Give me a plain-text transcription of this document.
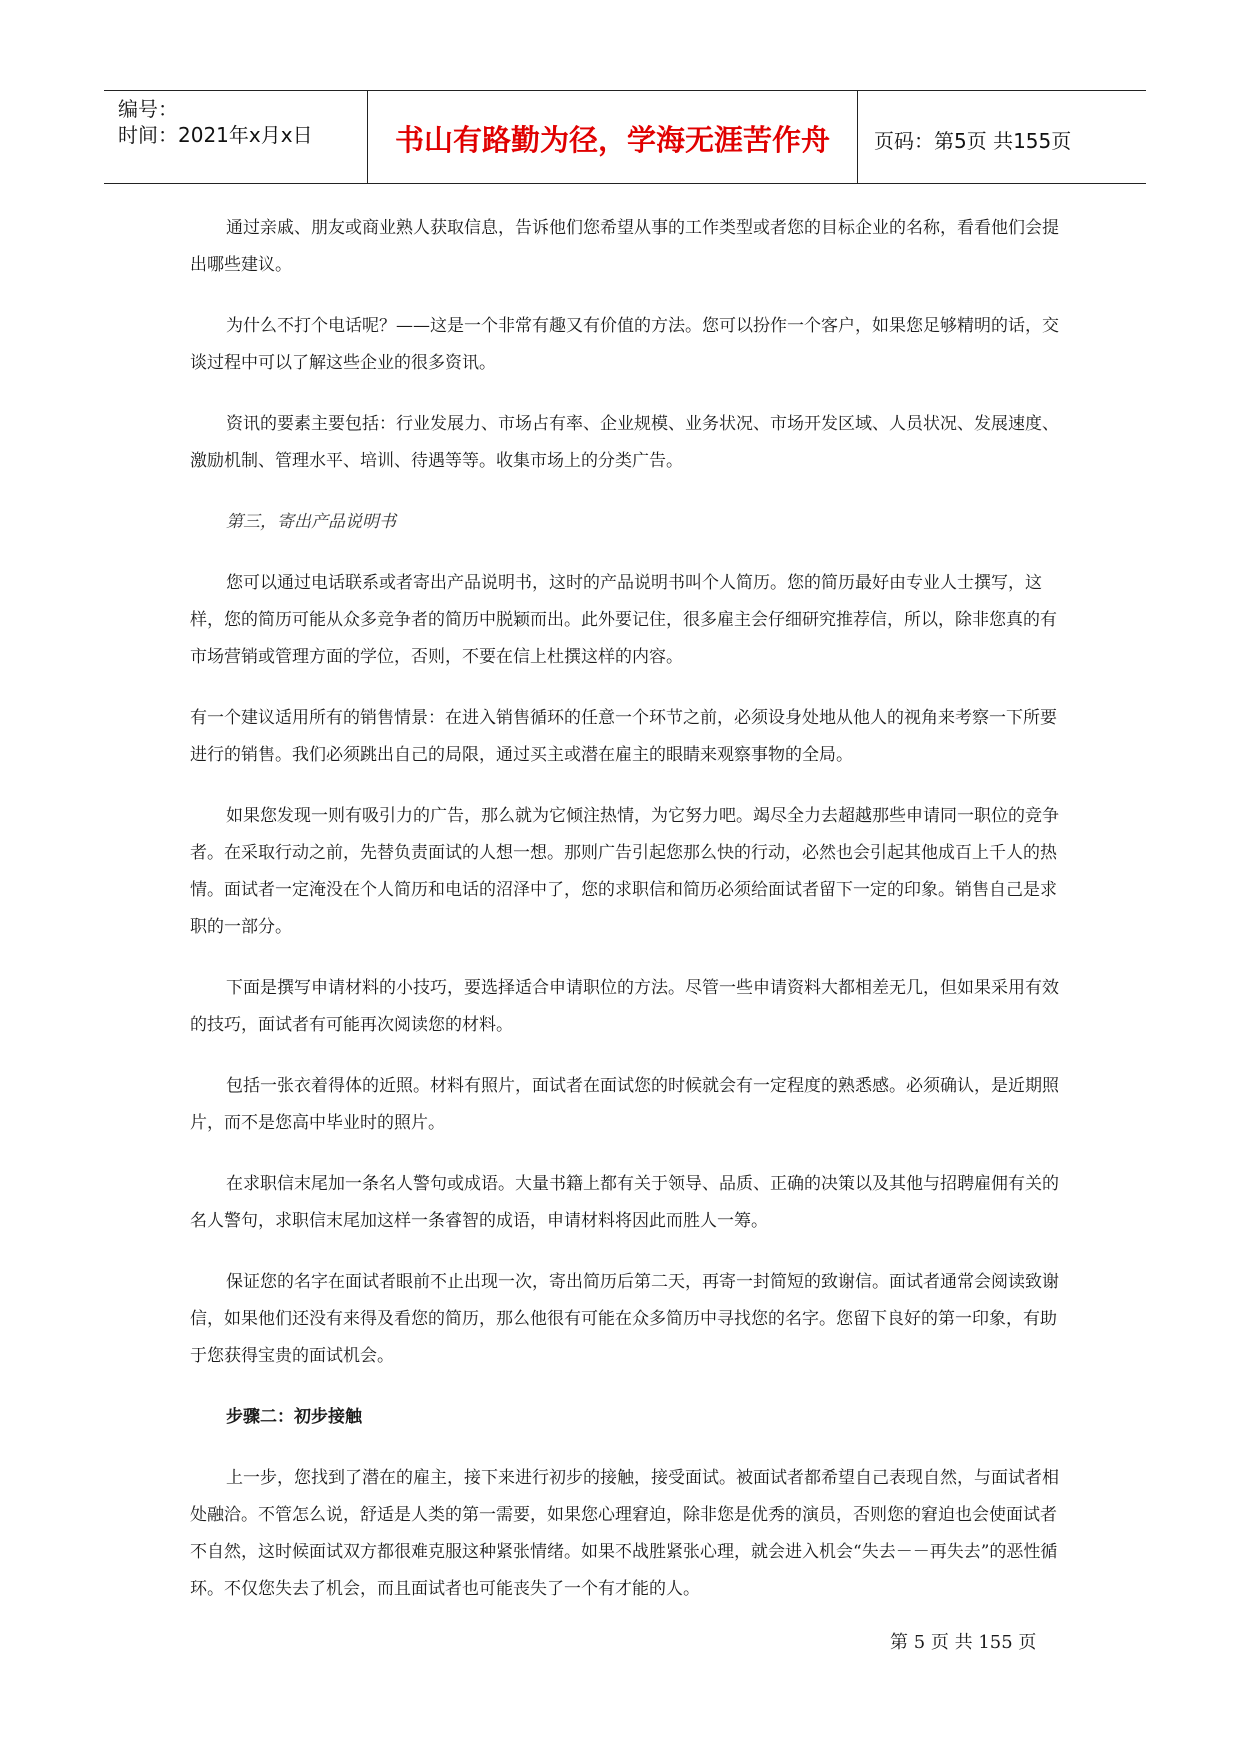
编号：
时间：2021年x月x日	书山有路勤为径，学海无涯苦作舟	页码：第5页 共155页

通过亲戚、朋友或商业熟人获取信息，告诉他们您希望从事的工作类型或者您的目标企业的名称，看看他们会提出哪些建议。

为什么不打个电话呢？——这是一个非常有趣又有价值的方法。您可以扮作一个客户，如果您足够精明的话，交谈过程中可以了解这些企业的很多资讯。

资讯的要素主要包括：行业发展力、市场占有率、企业规模、业务状况、市场开发区域、人员状况、发展速度、激励机制、管理水平、培训、待遇等等。收集市场上的分类广告。

第三，寄出产品说明书

您可以通过电话联系或者寄出产品说明书，这时的产品说明书叫个人简历。您的简历最好由专业人士撰写，这样，您的简历可能从众多竞争者的简历中脱颖而出。此外要记住，很多雇主会仔细研究推荐信，所以，除非您真的有市场营销或管理方面的学位，否则，不要在信上杜撰这样的内容。

有一个建议适用所有的销售情景：在进入销售循环的任意一个环节之前，必须设身处地从他人的视角来考察一下所要进行的销售。我们必须跳出自己的局限，通过买主或潜在雇主的眼睛来观察事物的全局。

如果您发现一则有吸引力的广告，那么就为它倾注热情，为它努力吧。竭尽全力去超越那些申请同一职位的竞争者。在采取行动之前，先替负责面试的人想一想。那则广告引起您那么快的行动，必然也会引起其他成百上千人的热情。面试者一定淹没在个人简历和电话的沼泽中了，您的求职信和简历必须给面试者留下一定的印象。销售自己是求职的一部分。

下面是撰写申请材料的小技巧，要选择适合申请职位的方法。尽管一些申请资料大都相差无几，但如果采用有效的技巧，面试者有可能再次阅读您的材料。

包括一张衣着得体的近照。材料有照片，面试者在面试您的时候就会有一定程度的熟悉感。必须确认，是近期照片，而不是您高中毕业时的照片。

在求职信末尾加一条名人警句或成语。大量书籍上都有关于领导、品质、正确的决策以及其他与招聘雇佣有关的名人警句，求职信末尾加这样一条睿智的成语，申请材料将因此而胜人一筹。

保证您的名字在面试者眼前不止出现一次，寄出简历后第二天，再寄一封简短的致谢信。面试者通常会阅读致谢信，如果他们还没有来得及看您的简历，那么他很有可能在众多简历中寻找您的名字。您留下良好的第一印象，有助于您获得宝贵的面试机会。

步骤二：初步接触

上一步，您找到了潜在的雇主，接下来进行初步的接触，接受面试。被面试者都希望自己表现自然，与面试者相处融洽。不管怎么说，舒适是人类的第一需要，如果您心理窘迫，除非您是优秀的演员，否则您的窘迫也会使面试者不自然，这时候面试双方都很难克服这种紧张情绪。如果不战胜紧张心理，就会进入机会“失去－－再失去”的恶性循环。不仅您失去了机会，而且面试者也可能丧失了一个有才能的人。

第 5 页 共 155 页
